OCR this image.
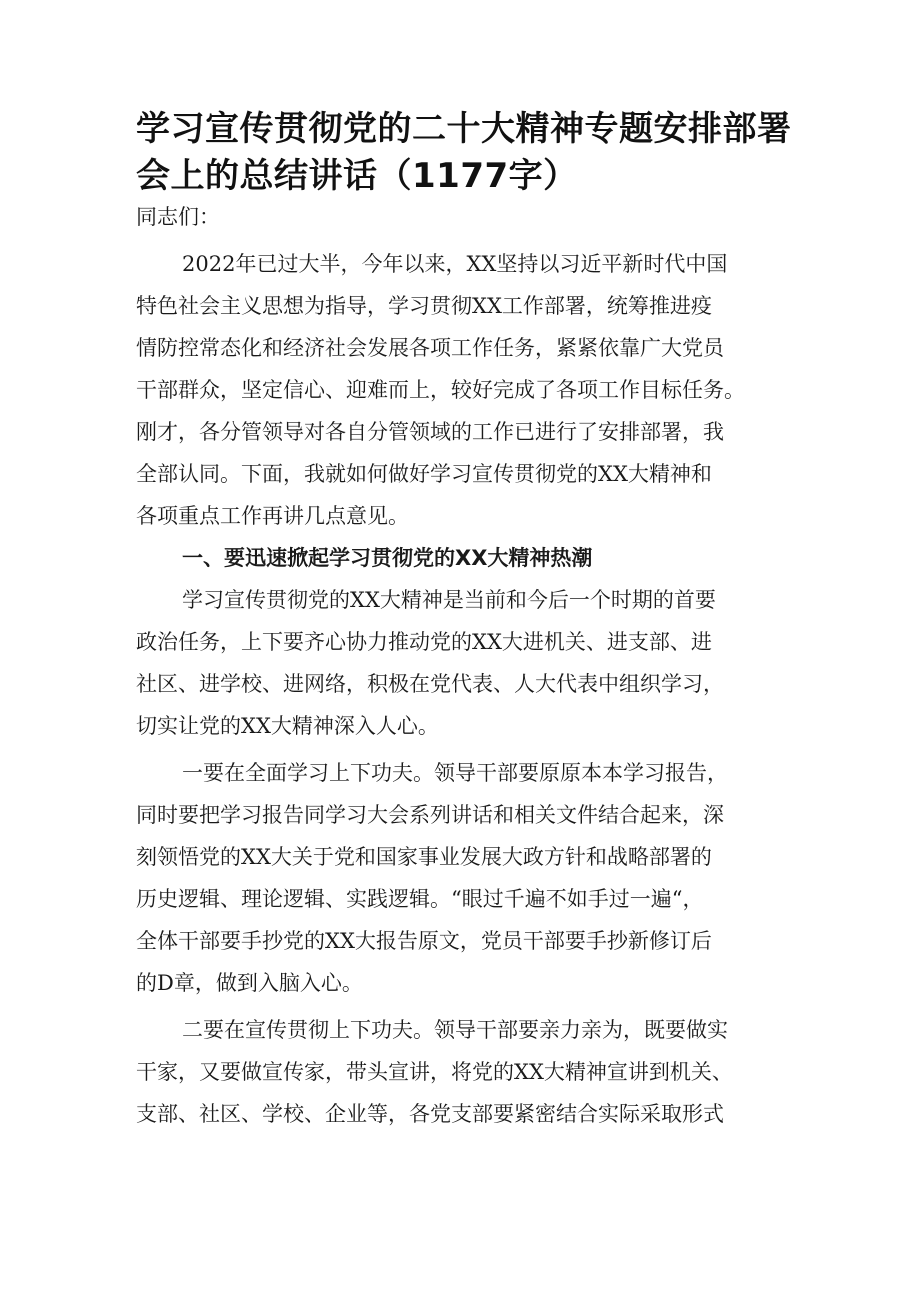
学习宣传贯彻党的二十大精神专题安排部署
会上的总结讲话（1177字）
同志们：
2022年已过大半，今年以来，XX坚持以习近平新时代中国
特色社会主义思想为指导，学习贯彻XX工作部署，统筹推进疫
情防控常态化和经济社会发展各项工作任务，紧紧依靠广大党员
干部群众，坚定信心、迎难而上，较好完成了各项工作目标任务。
刚才，各分管领导对各自分管领域的工作已进行了安排部署，我
全部认同。下面，我就如何做好学习宣传贯彻党的XX大精神和
各项重点工作再讲几点意见。
一、要迅速掀起学习贯彻党的XX大精神热潮
学习宣传贯彻党的XX大精神是当前和今后一个时期的首要
政治任务，上下要齐心协力推动党的XX大进机关、进支部、进
社区、进学校、进网络，积极在党代表、人大代表中组织学习，
切实让党的XX大精神深入人心。
一要在全面学习上下功夫。领导干部要原原本本学习报告，
同时要把学习报告同学习大会系列讲话和相关文件结合起来，深
刻领悟党的XX大关于党和国家事业发展大政方针和战略部署的
历史逻辑、理论逻辑、实践逻辑。“眼过千遍不如手过一遍“，
全体干部要手抄党的XX大报告原文，党员干部要手抄新修订后
的D章，做到入脑入心。
二要在宣传贯彻上下功夫。领导干部要亲力亲为，既要做实
干家，又要做宣传家，带头宣讲，将党的XX大精神宣讲到机关、
支部、社区、学校、企业等，各党支部要紧密结合实际采取形式
